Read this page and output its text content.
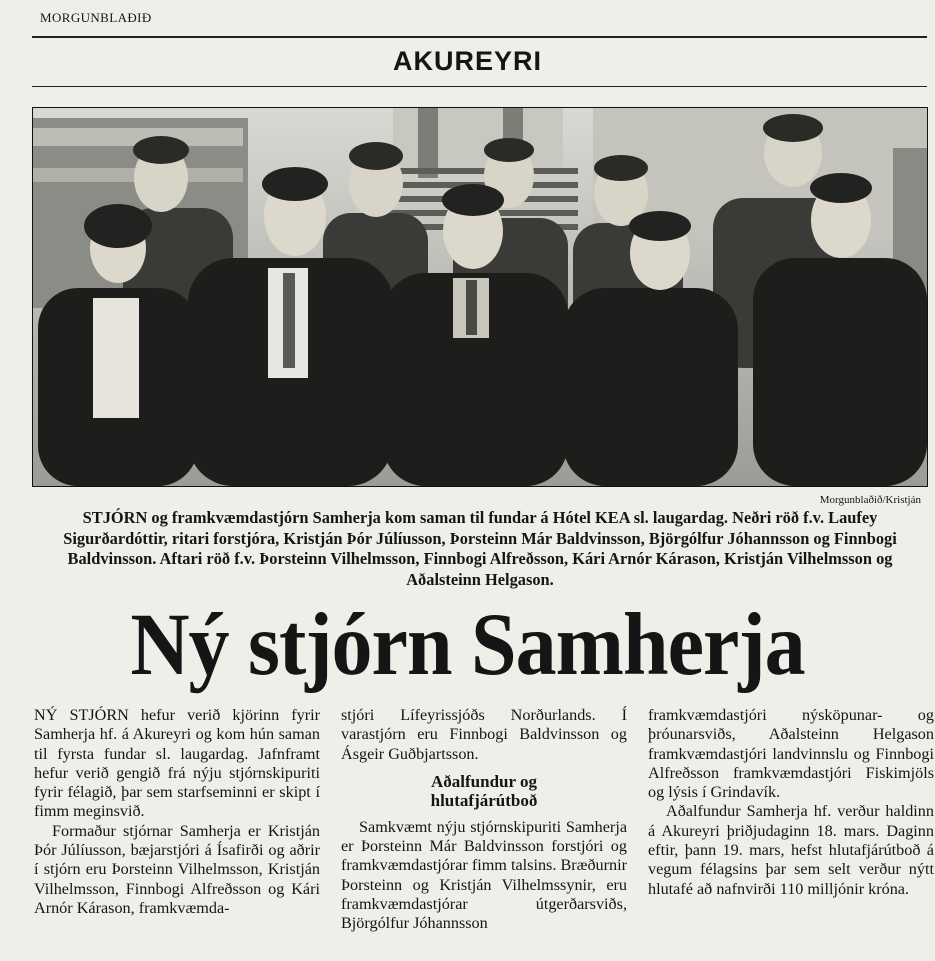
MORGUNBLAÐIÐ
AKUREYRI
Morgunblaðið/Kristján
STJÓRN og framkvæmdastjórn Samherja kom saman til fundar á Hótel KEA sl. laugardag. Neðri röð f.v. Laufey Sigurðardóttir, ritari forstjóra, Kristján Þór Júlíusson, Þorsteinn Már Baldvinsson, Björgólfur Jóhannsson og Finnbogi Baldvinsson. Aftari röð f.v. Þorsteinn Vilhelmsson, Finnbogi Alfreðsson, Kári Arnór Kárason, Kristján Vilhelmsson og Aðalsteinn Helgason.
Ný stjórn Samherja

NÝ STJÓRN hefur verið kjörinn fyrir Samherja hf. á Akureyri og kom hún saman til fyrsta fundar sl. laugardag. Jafnframt hefur verið gengið frá nýju stjórnskipuriti fyrir félagið, þar sem starfseminni er skipt í fimm meginsvið.

Formaður stjórnar Samherja er Kristján Þór Júlíusson, bæjarstjóri á Ísafirði og aðrir í stjórn eru Þorsteinn Vilhelmsson, Kristján Vilhelmsson, Finnbogi Alfreðsson og Kári Arnór Kárason, framkvæmda-

stjóri Lífeyrissjóðs Norðurlands. Í varastjórn eru Finnbogi Baldvinsson og Ásgeir Guðbjartsson.

Aðalfundur og
hlutafjárútboð

Samkvæmt nýju stjórnskipuriti Samherja er Þorsteinn Már Baldvinsson forstjóri og framkvæmdastjórar fimm talsins. Bræðurnir Þorsteinn og Kristján Vilhelmssynir, eru framkvæmdastjórar útgerðarsviðs, Björgólfur Jóhannsson

framkvæmdastjóri nýsköpunar- og þróunarsviðs, Aðalsteinn Helgason framkvæmdastjóri landvinnslu og Finnbogi Alfreðsson framkvæmdastjóri Fiskimjöls og lýsis í Grindavík.

Aðalfundur Samherja hf. verður haldinn á Akureyri þriðjudaginn 18. mars. Daginn eftir, þann 19. mars, hefst hlutafjárútboð á vegum félagsins þar sem selt verður nýtt hlutafé að nafnvirði 110 milljónir króna.
